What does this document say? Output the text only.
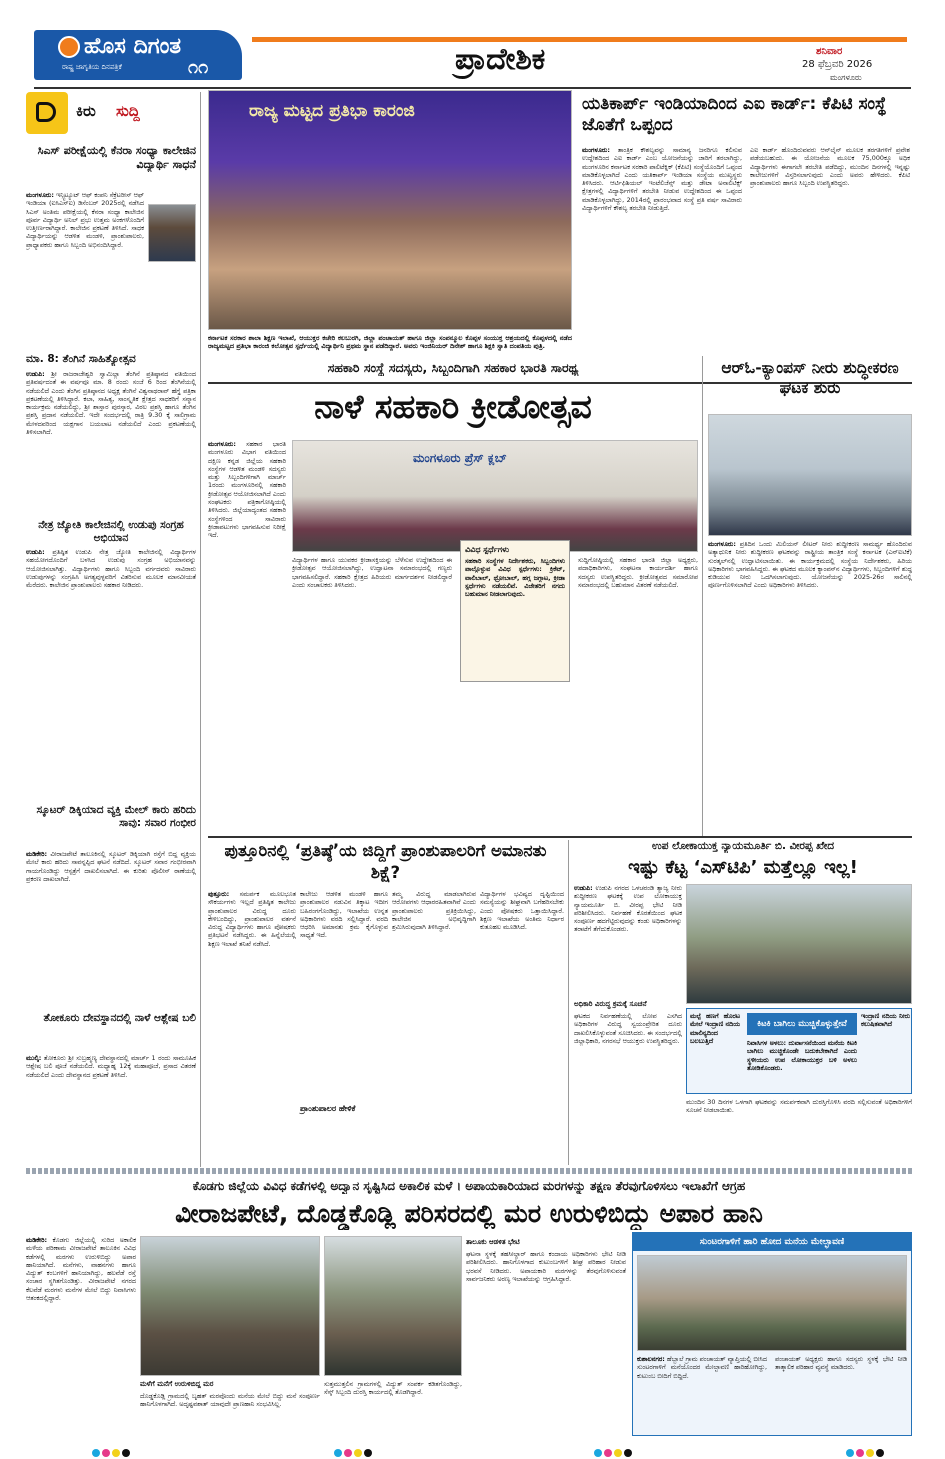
ಹೊಸ ದಿಗಂತ
ರಾಷ್ಟ್ರ ಜಾಗೃತಿಯ ದಿನಪತ್ರಿಕೆ	೧೧	ಪ್ರಾದೇಶಿಕ	ಶನಿವಾರ
28 ಫೆಬ್ರವರಿ 2026
ಮಂಗಳೂರು
ಕಿರು ಸುದ್ದಿ
ಸಿಎಸ್ ಪರೀಕ್ಷೆಯಲ್ಲಿ ಕೆನರಾ ಸಂಧ್ಯಾ ಕಾಲೇಜಿನ ವಿದ್ಯಾರ್ಥಿ ಸಾಧನೆ
ಮಂಗಳೂರು: ಇನ್ಸ್ಟಿಟ್ಯೂಟ್ ಆಫ್ ಕಂಪನಿ ಸೆಕ್ರೆಟರೀಸ್ ಆಫ್ ಇಂಡಿಯಾ (ಐಸಿಎಸ್ಐ) ಡಿಸೆಂಬರ್ 2025ರಲ್ಲಿ ನಡೆಸಿದ ಸಿಎಸ್ ಅಂತಿಮ ಪರೀಕ್ಷೆಯಲ್ಲಿ ಕೆನರಾ ಸಂಧ್ಯಾ ಕಾಲೇಜಿನ ಪೂರ್ವ ವಿದ್ಯಾರ್ಥಿ ಅನಿಲ್ ಪ್ರಭು ಉತ್ತಮ ಅಂಕಗಳೊಂದಿಗೆ ಉತ್ತೀರ್ಣರಾಗಿದ್ದಾರೆ. ಕಾಲೇಜಿನ ಪ್ರಕಟಣೆ ತಿಳಿಸಿದೆ. ಸಾಧಕ ವಿದ್ಯಾರ್ಥಿಯನ್ನು ಆಡಳಿತ ಮಂಡಳಿ, ಪ್ರಾಂಶುಪಾಲರು, ಪ್ರಾಧ್ಯಾಪಕರು ಹಾಗೂ ಸಿಬ್ಬಂದಿ ಅಭಿನಂದಿಸಿದ್ದಾರೆ.
ಮಾ. 8: ತೆಂಗಿನೆ ಸಾಹಿತ್ಯೋತ್ಸವ
ಉಡುಪಿ: ಶ್ರೀ ರಾಜರಾಜೇಶ್ವರಿ ಸ್ವಾಮಿಲ್ಲಾ ತೆಂಗಿನೆ ಪ್ರತಿಷ್ಠಾನದ ವತಿಯಿಂದ ಪ್ರತಿವರ್ಷದಂತೆ ಈ ವರ್ಷವೂ ಮಾ. 8 ರಂದು ಸಂಜೆ 6 ರಿಂದ ತೆಂಗಿನೆಯಲ್ಲಿ ನಡೆಯಲಿದೆ ಎಂದು ತೆಂಗಿನ ಪ್ರತಿಷ್ಠಾನದ ಅಧ್ಯಕ್ಷ ತೆಂಗಿನೆ ವಿಶ್ವನಾಥರಾವ್ ಹೆಗ್ಡೆ ಪತ್ರಿಕಾ ಪ್ರಕಟಣೆಯಲ್ಲಿ ತಿಳಿಸಿದ್ದಾರೆ. ಕಲಾ, ಸಾಹಿತ್ಯ, ಸಾಂಸ್ಕೃತಿಕ ಕ್ಷೇತ್ರದ ಸಾಧಕರಿಗೆ ಸನ್ಮಾನ ಕಾರ್ಯಕ್ರಮ ನಡೆಯಲಿದ್ದು, ಶ್ರೀ ಶಾಸ್ತಾರ ಪುರಸ್ಕಾರ, ವಿಠಲ ಪ್ರಶಸ್ತಿ ಹಾಗೂ ತೆಂಗಿನ ಪ್ರಶಸ್ತಿ ಪ್ರದಾನ ನಡೆಯಲಿದೆ. ಇದೇ ಸಂದರ್ಭದಲ್ಲಿ ರಾತ್ರಿ 9.30 ಕ್ಕೆ ಸಾಲಿಗ್ರಾಮ ಮೇಳದವರಿಂದ ಯಕ್ಷಗಾನ ಬಯಲಾಟ ನಡೆಯಲಿದೆ ಎಂದು ಪ್ರಕಟಣೆಯಲ್ಲಿ ತಿಳಿಸಲಾಗಿದೆ.
ನೇತ್ರ ಜ್ಯೋತಿ ಕಾಲೇಜಿನಲ್ಲಿ ಉಡುಪು ಸಂಗ್ರಹ ಅಭಿಯಾನ
ಉಡುಪಿ: ಪ್ರತಿಷ್ಠಿತ ಉಡುಪಿ ನೇತ್ರ ಜ್ಯೋತಿ ಕಾಲೇಜಿನಲ್ಲಿ ವಿದ್ಯಾರ್ಥಿಗಳ ಸಹಯೋಗದೊಂದಿಗೆ ಬಳಸಿದ ಉಡುಪು ಸಂಗ್ರಹ ಅಭಿಯಾನವನ್ನು ಆಯೋಜಿಸಲಾಗಿತ್ತು. ವಿದ್ಯಾರ್ಥಿಗಳು ಹಾಗೂ ಸಿಬ್ಬಂದಿ ವರ್ಗದವರು ಸಾವಿರಾರು ಉಡುಪುಗಳನ್ನು ಸಂಗ್ರಹಿಸಿ ಅಗತ್ಯವುಳ್ಳವರಿಗೆ ವಿತರಿಸುವ ಮೂಲಕ ಮಾನವೀಯತೆ ಮೆರೆದರು. ಕಾಲೇಜಿನ ಪ್ರಾಂಶುಪಾಲರು ಸಹಕಾರ ನೀಡಿದರು.
ಸ್ಕೂಟರ್ ಡಿಕ್ಕಿಯಾದ ವ್ಯಕ್ತಿ ಮೇಲ್ ಕಾರು ಹರಿದು ಸಾವು: ಸವಾರ ಗಂಭೀರ
ಮಡಿಕೇರಿ: ವೀರಾಜಪೇಟೆ ತಾಲೂಕಿನಲ್ಲಿ ಸ್ಕೂಟರ್ ಡಿಕ್ಕಿಯಾಗಿ ರಸ್ತೆಗೆ ಬಿದ್ದ ವ್ಯಕ್ತಿಯ ಮೇಲೆ ಕಾರು ಹರಿದು ಸಾವನ್ನಪ್ಪಿದ ಘಟನೆ ನಡೆದಿದೆ. ಸ್ಕೂಟರ್ ಸವಾರ ಗಂಭೀರವಾಗಿ ಗಾಯಗೊಂಡಿದ್ದು ಆಸ್ಪತ್ರೆಗೆ ದಾಖಲಿಸಲಾಗಿದೆ. ಈ ಕುರಿತು ಪೊಲೀಸ್ ಠಾಣೆಯಲ್ಲಿ ಪ್ರಕರಣ ದಾಖಲಾಗಿದೆ.
ತೋಕೂರು ದೇವಸ್ಥಾನದಲ್ಲಿ ನಾಳೆ ಆಶ್ಲೇಷ ಬಲಿ
ಮುಲ್ಕಿ: ತೋಕೂರು ಶ್ರೀ ಸುಬ್ರಹ್ಮಣ್ಯ ದೇವಸ್ಥಾನದಲ್ಲಿ ಮಾರ್ಚ್ 1 ರಂದು ಸಾಮೂಹಿಕ ಆಶ್ಲೇಷ ಬಲಿ ಪೂಜೆ ನಡೆಯಲಿದೆ. ಮಧ್ಯಾಹ್ನ 12ಕ್ಕೆ ಮಹಾಪೂಜೆ, ಪ್ರಸಾದ ವಿತರಣೆ ನಡೆಯಲಿದೆ ಎಂದು ದೇವಸ್ಥಾನದ ಪ್ರಕಟಣೆ ತಿಳಿಸಿದೆ.
ರಾಜ್ಯ ಮಟ್ಟದ ಪ್ರತಿಭಾ ಕಾರಂಜಿ
ಕರ್ನಾಟಕ ಸರಕಾರ ಶಾಲಾ ಶಿಕ್ಷಣ ಇಲಾಖೆ, ಆಯುಕ್ತರ ಕಚೇರಿ ಕಲಬುರಗಿ, ಜಿಲ್ಲಾ ಪಂಚಾಯತ್ ಹಾಗೂ ಜಿಲ್ಲಾ ಸಂಪನ್ಮೂಲ ಕೊಪ್ಪಳ ಸಂಯುಕ್ತ ಆಶ್ರಯದಲ್ಲಿ ಕೊಪ್ಪಳದಲ್ಲಿ ನಡೆದ ರಾಜ್ಯಮಟ್ಟದ ಪ್ರತಿಭಾ ಕಾರಂಜಿ ಕಲೋತ್ಸವ ಸ್ಪರ್ಧೆಯಲ್ಲಿ ವಿದ್ಯಾರ್ಥಿನಿ ಪ್ರಥಮ ಸ್ಥಾನ ಪಡೆದಿದ್ದಾರೆ. ಅವರು ಇಂಜಿನಿಯರ್ ದಿನೇಶ್ ಹಾಗೂ ಶಿಕ್ಷಕಿ ಸ್ವಾತಿ ದಂಪತಿಯ ಪುತ್ರಿ.
ಯತಿಕಾರ್ಪ್ ಇಂಡಿಯಾದಿಂದ ಎಐ ಕಾರ್ಡ್: ಕೆಪಿಟಿ ಸಂಸ್ಥೆ ಜೊತೆಗೆ ಒಪ್ಪಂದ
ಮಂಗಳೂರು: ತಾಂತ್ರಿಕ ಕೌಶಲ್ಯವನ್ನು ಸಾಮಾನ್ಯ ಜನರಿಗೂ ಕಲಿಸುವ ಉದ್ದೇಶದಿಂದ ಎಐ ಕಾರ್ಡ್ ಎಂಬ ಯೋಜನೆಯನ್ನು ಜಾರಿಗೆ ತರಲಾಗಿದ್ದು, ಮಂಗಳೂರಿನ ಕರ್ನಾಟಕ ಸರಕಾರಿ ಪಾಲಿಟೆಕ್ನಿಕ್ (ಕೆಪಿಟಿ) ಸಂಸ್ಥೆಯೊಂದಿಗೆ ಒಪ್ಪಂದ ಮಾಡಿಕೊಳ್ಳಲಾಗಿದೆ ಎಂದು ಯತಿಕಾರ್ಪ್ ಇಂಡಿಯಾ ಸಂಸ್ಥೆಯ ಮುಖ್ಯಸ್ಥರು ತಿಳಿಸಿದರು. ಆರ್ಟಿಫಿಶಿಯಲ್ ಇಂಟೆಲಿಜೆನ್ಸ್ ಮತ್ತು ಡೇಟಾ ಅನಾಲಿಟಿಕ್ಸ್ ಕ್ಷೇತ್ರಗಳಲ್ಲಿ ವಿದ್ಯಾರ್ಥಿಗಳಿಗೆ ತರಬೇತಿ ನೀಡುವ ಉದ್ದೇಶದಿಂದ ಈ ಒಪ್ಪಂದ ಮಾಡಿಕೊಳ್ಳಲಾಗಿದ್ದು, 2014ರಲ್ಲಿ ಪ್ರಾರಂಭವಾದ ಸಂಸ್ಥೆ ಪ್ರತಿ ವರ್ಷ ಸಾವಿರಾರು ವಿದ್ಯಾರ್ಥಿಗಳಿಗೆ ಕೌಶಲ್ಯ ತರಬೇತಿ ನೀಡುತ್ತಿದೆ.
ಎಐ ಕಾರ್ಡ್ ಹೊಂದಿರುವವರು ಆನ್‌ಲೈನ್ ಮೂಲಕ ತರಗತಿಗಳಿಗೆ ಪ್ರವೇಶ ಪಡೆಯಬಹುದು. ಈ ಯೋಜನೆಯ ಮೂಲಕ 75,000ಕ್ಕೂ ಅಧಿಕ ವಿದ್ಯಾರ್ಥಿಗಳು ಈಗಾಗಲೇ ತರಬೇತಿ ಪಡೆದಿದ್ದು, ಮುಂದಿನ ದಿನಗಳಲ್ಲಿ ಇನ್ನಷ್ಟು ಕಾಲೇಜುಗಳಿಗೆ ವಿಸ್ತರಿಸಲಾಗುವುದು ಎಂದು ಅವರು ಹೇಳಿದರು. ಕೆಪಿಟಿ ಪ್ರಾಂಶುಪಾಲರು ಹಾಗೂ ಸಿಬ್ಬಂದಿ ಉಪಸ್ಥಿತರಿದ್ದರು.
ಸಹಕಾರಿ ಸಂಸ್ಥೆ ಸದಸ್ಯರು, ಸಿಬ್ಬಂದಿಗಾಗಿ ಸಹಕಾರ ಭಾರತಿ ಸಾರಥ್ಯ
ನಾಳೆ ಸಹಕಾರಿ ಕ್ರೀಡೋತ್ಸವ
ಮಂಗಳೂರು: ಸಹಕಾರ ಭಾರತಿ ಮಂಗಳೂರು ವಿಭಾಗ ವತಿಯಿಂದ ದಕ್ಷಿಣ ಕನ್ನಡ ಜಿಲ್ಲೆಯ ಸಹಕಾರಿ ಸಂಸ್ಥೆಗಳ ಆಡಳಿತ ಮಂಡಳಿ ಸದಸ್ಯರು ಮತ್ತು ಸಿಬ್ಬಂದಿಗಳಿಗಾಗಿ ಮಾರ್ಚ್ 1ರಂದು ಮಂಗಳೂರಿನಲ್ಲಿ ಸಹಕಾರಿ ಕ್ರೀಡೋತ್ಸವ ಆಯೋಜಿಸಲಾಗಿದೆ ಎಂದು ಸಂಘಟಕರು ಪತ್ರಿಕಾಗೋಷ್ಠಿಯಲ್ಲಿ ತಿಳಿಸಿದರು. ಜಿಲ್ಲೆಯಾದ್ಯಂತದ ಸಹಕಾರಿ ಸಂಸ್ಥೆಗಳಿಂದ ಸಾವಿರಾರು ಕ್ರೀಡಾಪಟುಗಳು ಭಾಗವಹಿಸುವ ನಿರೀಕ್ಷೆ ಇದೆ.
ಮಂಗಳೂರು ಪ್ರೆಸ್ ಕ್ಲಬ್
ವಿದ್ಯಾರ್ಥಿಗಳ ಹಾಗೂ ಯುವಕರ ಕ್ರೀಡಾಸಕ್ತಿಯನ್ನು ಬೆಳೆಸುವ ಉದ್ದೇಶದಿಂದ ಈ ಕ್ರೀಡೋತ್ಸವ ಆಯೋಜಿಸಲಾಗಿದ್ದು, ಉದ್ಘಾಟನಾ ಸಮಾರಂಭದಲ್ಲಿ ಗಣ್ಯರು ಭಾಗವಹಿಸಲಿದ್ದಾರೆ. ಸಹಕಾರಿ ಕ್ಷೇತ್ರದ ಹಿರಿಯರು ಮಾರ್ಗದರ್ಶನ ನೀಡಲಿದ್ದಾರೆ ಎಂದು ಸಂಚಾಲಕರು ತಿಳಿಸಿದರು.
ವಿವಿಧ ಸ್ಪರ್ಧೆಗಳು
ಸಹಕಾರಿ ಸಂಸ್ಥೆಗಳ ನಿರ್ದೇಶಕರು, ಸಿಬ್ಬಂದಿಗಳು ಪಾಲ್ಗೊಳ್ಳುವ ವಿವಿಧ ಸ್ಪರ್ಧೆಗಳು: ಕ್ರಿಕೆಟ್, ವಾಲಿಬಾಲ್, ಥ್ರೋಬಾಲ್, ಹಗ್ಗ ಜಗ್ಗಾಟ, ಕ್ರೀಡಾ ಸ್ಪರ್ಧೆಗಳು ನಡೆಯಲಿವೆ. ವಿಜೇತರಿಗೆ ನಗದು ಬಹುಮಾನ ನೀಡಲಾಗುವುದು.
ಸುದ್ದಿಗೋಷ್ಠಿಯಲ್ಲಿ ಸಹಕಾರ ಭಾರತಿ ಜಿಲ್ಲಾ ಅಧ್ಯಕ್ಷರು, ಪದಾಧಿಕಾರಿಗಳು, ಸಂಘಟನಾ ಕಾರ್ಯದರ್ಶಿ ಹಾಗೂ ಸದಸ್ಯರು ಉಪಸ್ಥಿತರಿದ್ದರು. ಕ್ರೀಡೋತ್ಸವದ ಸಮಾರೋಪ ಸಮಾರಂಭದಲ್ಲಿ ಬಹುಮಾನ ವಿತರಣೆ ನಡೆಯಲಿದೆ.
ಆರ್‌ಓ-ಕ್ಯಾಂಪಸ್ ನೀರು ಶುದ್ಧೀಕರಣ ಘಟಕ ಶುರು
ಮಂಗಳೂರು: ಪ್ರತಿದಿನ ಒಂದು ಮಿಲಿಯನ್ ಲೀಟರ್ ನೀರು ಶುದ್ಧೀಕರಣ ಸಾಮರ್ಥ್ಯ ಹೊಂದಿರುವ ಅತ್ಯಾಧುನಿಕ ನೀರು ಶುದ್ಧೀಕರಣ ಘಟಕವನ್ನು ರಾಷ್ಟ್ರೀಯ ತಾಂತ್ರಿಕ ಸಂಸ್ಥೆ ಕರ್ನಾಟಕ (ಎನ್ಐಟಿಕೆ) ಸುರತ್ಕಲ್‌ನಲ್ಲಿ ಉದ್ಘಾಟಿಸಲಾಯಿತು. ಈ ಕಾರ್ಯಕ್ರಮದಲ್ಲಿ ಸಂಸ್ಥೆಯ ನಿರ್ದೇಶಕರು, ಹಿರಿಯ ಅಧಿಕಾರಿಗಳು ಭಾಗವಹಿಸಿದ್ದರು. ಈ ಘಟಕದ ಮೂಲಕ ಕ್ಯಾಂಪಸ್‌ನ ವಿದ್ಯಾರ್ಥಿಗಳು, ಸಿಬ್ಬಂದಿಗಳಿಗೆ ಶುದ್ಧ ಕುಡಿಯುವ ನೀರು ಒದಗಿಸಲಾಗುವುದು. ಯೋಜನೆಯನ್ನು 2025-26ರ ಸಾಲಿನಲ್ಲಿ ಪೂರ್ಣಗೊಳಿಸಲಾಗಿದೆ ಎಂದು ಅಧಿಕಾರಿಗಳು ತಿಳಿಸಿದರು.
ಪುತ್ತೂರಿನಲ್ಲಿ ‘ಪ್ರತಿಷ್ಠೆ’ಯ ಜಿದ್ದಿಗೆ ಪ್ರಾಂಶುಪಾಲರಿಗೆ ಅಮಾನತು ಶಿಕ್ಷೆ?
ಪುತ್ತೂರು: ಸಮರ್ಪಕ ಮೂಲಭೂತ ಸೌಕರ್ಯಗಳು ಇಲ್ಲದೆ ಪ್ರತಿಷ್ಠಿತ ಕಾಲೇಜು ಪ್ರಾಂಶುಪಾಲರ ವಿರುದ್ಧ ದೂರು ಕೇಳಿಬಂದಿದ್ದು, ಪ್ರಾಂಶುಪಾಲರ ವರ್ತನೆ ವಿರುದ್ಧ ವಿದ್ಯಾರ್ಥಿಗಳು ಹಾಗೂ ಪೋಷಕರು ಪ್ರತಿಭಟನೆ ನಡೆಸಿದ್ದರು. ಈ ಹಿನ್ನೆಲೆಯಲ್ಲಿ ಶಿಕ್ಷಣ ಇಲಾಖೆ ತನಿಖೆ ನಡೆಸಿದೆ.
ಕಾಲೇಜು ಆಡಳಿತ ಮಂಡಳಿ ಹಾಗೂ ಪ್ರಾಂಶುಪಾಲರ ನಡುವಿನ ತಿಕ್ಕಾಟ ಇದೀಗ ಬಹಿರಂಗಗೊಂಡಿದ್ದು, ಇಲಾಖೆಯ ಉನ್ನತ ಅಧಿಕಾರಿಗಳು ವರದಿ ಸಲ್ಲಿಸಿದ್ದಾರೆ. ವರದಿ ಆಧರಿಸಿ ಅಮಾನತು ಕ್ರಮ ಕೈಗೊಳ್ಳುವ ಸಾಧ್ಯತೆ ಇದೆ.
ಪ್ರಾಂಶುಪಾಲರ ಹೇಳಿಕೆ
ತಮ್ಮ ವಿರುದ್ಧ ಮಾಡಲಾಗಿರುವ ಆರೋಪಗಳು ಆಧಾರರಹಿತವಾಗಿವೆ ಎಂದು ಪ್ರಾಂಶುಪಾಲರು ಪ್ರತಿಕ್ರಿಯಿಸಿದ್ದು, ಕಾಲೇಜಿನ ಅಭಿವೃದ್ಧಿಗಾಗಿ ಶ್ರಮಿಸಿರುವುದಾಗಿ ತಿಳಿಸಿದ್ದಾರೆ.
ವಿದ್ಯಾರ್ಥಿಗಳ ಭವಿಷ್ಯದ ದೃಷ್ಟಿಯಿಂದ ಸಮಸ್ಯೆಯನ್ನು ಶೀಘ್ರವಾಗಿ ಬಗೆಹರಿಸಬೇಕು ಎಂದು ಪೋಷಕರು ಒತ್ತಾಯಿಸಿದ್ದಾರೆ. ಶಿಕ್ಷಣ ಇಲಾಖೆಯ ಅಂತಿಮ ನಿರ್ಧಾರ ಕುತೂಹಲ ಮೂಡಿಸಿದೆ.
ಉಪ ಲೋಕಾಯುಕ್ತ ನ್ಯಾಯಮೂರ್ತಿ ಬಿ. ವೀರಪ್ಪ ಖೇದ
ಇಷ್ಟು ಕೆಟ್ಟ ‘ಎಸ್‌ಟಿಪಿ’ ಮತ್ತೆಲ್ಲೂ ಇಲ್ಲ!
ಉಡುಪಿ: ಉಡುಪಿ ನಗರದ ಒಳಚರಂಡಿ ತ್ಯಾಜ್ಯ ನೀರು ಶುದ್ಧೀಕರಣ ಘಟಕಕ್ಕೆ ಉಪ ಲೋಕಾಯುಕ್ತ ನ್ಯಾಯಮೂರ್ತಿ ಬಿ. ವೀರಪ್ಪ ಭೇಟಿ ನೀಡಿ ಪರಿಶೀಲಿಸಿದರು. ನಿರ್ವಹಣೆ ಕೊರತೆಯಿಂದ ಘಟಕ ಸಂಪೂರ್ಣ ಹದಗೆಟ್ಟಿರುವುದನ್ನು ಕಂಡು ಅಧಿಕಾರಿಗಳನ್ನು ತರಾಟೆಗೆ ತೆಗೆದುಕೊಂಡರು.
ಅಧಿಕಾರಿ ವಿರುದ್ಧ ಕ್ರಮಕ್ಕೆ ಸೂಚನೆ
ಘಟಕದ ನಿರ್ವಹಣೆಯಲ್ಲಿ ಲೋಪ ಎಸಗಿದ ಅಧಿಕಾರಿಗಳ ವಿರುದ್ಧ ಸ್ವಯಂಪ್ರೇರಿತ ದೂರು ದಾಖಲಿಸಿಕೊಳ್ಳುವಂತೆ ಸೂಚಿಸಿದರು. ಈ ಸಂದರ್ಭದಲ್ಲಿ ಜಿಲ್ಲಾಧಿಕಾರಿ, ನಗರಸಭೆ ಆಯುಕ್ತರು ಉಪಸ್ಥಿತರಿದ್ದರು.
ಮಲ್ಪೆ ಹಣಗೆ ಹೊರಟ ಮೇಲೆ ಇಂದ್ರಾಣಿ ನದಿಯ ಮಾಲಿನ್ಯದಿಂದ ಬಲಬುತ್ತಿದೆ
ಕಿಟಕಿ ಬಾಗಿಲು ಮುಚ್ಚಿಕೊಳ್ಳುತ್ತೇವೆ
ನಿವಾಸಿಗಳ ಅಳಲು: ದುರ್ವಾಸನೆಯಿಂದ ಮನೆಯ ಕಿಟಕಿ ಬಾಗಿಲು ಮುಚ್ಚಿಕೊಂಡೇ ಬದುಕಬೇಕಾಗಿದೆ ಎಂದು ಸ್ಥಳೀಯರು ಉಪ ಲೋಕಾಯುಕ್ತರ ಬಳಿ ಅಳಲು ತೋಡಿಕೊಂಡರು.
ಇಂದ್ರಾಣಿ ನದಿಯ ನೀರು ಕಲುಷಿತವಾಗಿದೆ
ಮುಂದಿನ 30 ದಿನಗಳ ಒಳಗಾಗಿ ಘಟಕವನ್ನು ಸಮರ್ಪಕವಾಗಿ ದುರಸ್ತಿಗೊಳಿಸಿ ವರದಿ ಸಲ್ಲಿಸುವಂತೆ ಅಧಿಕಾರಿಗಳಿಗೆ ಸೂಚನೆ ನೀಡಲಾಯಿತು.
ಕೊಡಗು ಜಿಲ್ಲೆಯ ವಿವಿಧ ಕಡೆಗಳಲ್ಲಿ ಅದ್ವಾನ ಸೃಷ್ಟಿಸಿದ ಅಕಾಲಿಕ ಮಳೆ । ಅಪಾಯಕಾರಿಯಾದ ಮರಗಳನ್ನು ತಕ್ಷಣ ತೆರವುಗೊಳಿಸಲು ಇಲಾಖೆಗೆ ಆಗ್ರಹ
ವೀರಾಜಪೇಟೆ, ದೊಡ್ಡಕೊಡ್ಲಿ ಪರಿಸರದಲ್ಲಿ ಮರ ಉರುಳಿಬಿದ್ದು ಅಪಾರ ಹಾನಿ
ಮಡಿಕೇರಿ: ಕೊಡಗು ಜಿಲ್ಲೆಯಲ್ಲಿ ಸುರಿದ ಅಕಾಲಿಕ ಮಳೆಯ ಪರಿಣಾಮ ವೀರಾಜಪೇಟೆ ತಾಲೂಕಿನ ವಿವಿಧ ಕಡೆಗಳಲ್ಲಿ ಮರಗಳು ಉರುಳಿಬಿದ್ದು ಅಪಾರ ಹಾನಿಯಾಗಿದೆ. ಮನೆಗಳು, ವಾಹನಗಳು ಹಾಗೂ ವಿದ್ಯುತ್ ಕಂಬಗಳಿಗೆ ಹಾನಿಯಾಗಿದ್ದು, ಹಲವೆಡೆ ರಸ್ತೆ ಸಂಚಾರ ಸ್ಥಗಿತಗೊಂಡಿತ್ತು. ವೀರಾಜಪೇಟೆ ನಗರದ ಕೆಲವೆಡೆ ಮರಗಳು ಮನೆಗಳ ಮೇಲೆ ಬಿದ್ದು ನಿವಾಸಿಗಳು ಆತಂಕದಲ್ಲಿದ್ದಾರೆ.
ಮಳೆಗೆ ಮನೆಗೆ ಉರುಳಿಬಿದ್ದ ಮರ
ದೊಡ್ಡಕೊಡ್ಲಿ ಗ್ರಾಮದಲ್ಲಿ ಬೃಹತ್ ಮರವೊಂದು ಮನೆಯ ಮೇಲೆ ಬಿದ್ದು ಮನೆ ಸಂಪೂರ್ಣ ಹಾನಿಗೊಳಗಾಗಿದೆ. ಅದೃಷ್ಟವಶಾತ್ ಯಾವುದೇ ಪ್ರಾಣಹಾನಿ ಸಂಭವಿಸಿಲ್ಲ.
ಸುತ್ತಮುತ್ತಲಿನ ಗ್ರಾಮಗಳಲ್ಲಿ ವಿದ್ಯುತ್ ಸಂಪರ್ಕ ಕಡಿತಗೊಂಡಿದ್ದು, ಸೆಸ್ಕ್ ಸಿಬ್ಬಂದಿ ದುರಸ್ತಿ ಕಾರ್ಯದಲ್ಲಿ ತೊಡಗಿದ್ದಾರೆ.
ತಾಲೂಕು ಆಡಳಿತ ಭೇಟಿ
ಘಟನಾ ಸ್ಥಳಕ್ಕೆ ತಹಸೀಲ್ದಾರ್ ಹಾಗೂ ಕಂದಾಯ ಅಧಿಕಾರಿಗಳು ಭೇಟಿ ನೀಡಿ ಪರಿಶೀಲಿಸಿದರು. ಹಾನಿಗೊಳಗಾದ ಕುಟುಂಬಗಳಿಗೆ ಶೀಘ್ರ ಪರಿಹಾರ ನೀಡುವ ಭರವಸೆ ನೀಡಿದರು. ಅಪಾಯಕಾರಿ ಮರಗಳನ್ನು ತೆರವುಗೊಳಿಸುವಂತೆ ಸಾರ್ವಜನಿಕರು ಅರಣ್ಯ ಇಲಾಖೆಯನ್ನು ಆಗ್ರಹಿಸಿದ್ದಾರೆ.
ಸುಂಟರಗಾಳಿಗೆ ಹಾರಿ ಹೋದ ಮನೆಯ ಮೇಲ್ಛಾವಣಿ
ಕುಶಾಲನಗರ: ಹೆಬ್ಬಾಲೆ ಗ್ರಾಮ ಪಂಚಾಯತ್ ವ್ಯಾಪ್ತಿಯಲ್ಲಿ ಬೀಸಿದ ಸುಂಟರಗಾಳಿಗೆ ಮನೆಯೊಂದರ ಮೇಲ್ಛಾವಣಿ ಹಾರಿಹೋಗಿದ್ದು, ಕುಟುಂಬ ಬೀದಿಗೆ ಬಿದ್ದಿದೆ.
ಪಂಚಾಯತ್ ಅಧ್ಯಕ್ಷರು ಹಾಗೂ ಸದಸ್ಯರು ಸ್ಥಳಕ್ಕೆ ಭೇಟಿ ನೀಡಿ ತಾತ್ಕಾಲಿಕ ಪರಿಹಾರ ವ್ಯವಸ್ಥೆ ಮಾಡಿದರು.
